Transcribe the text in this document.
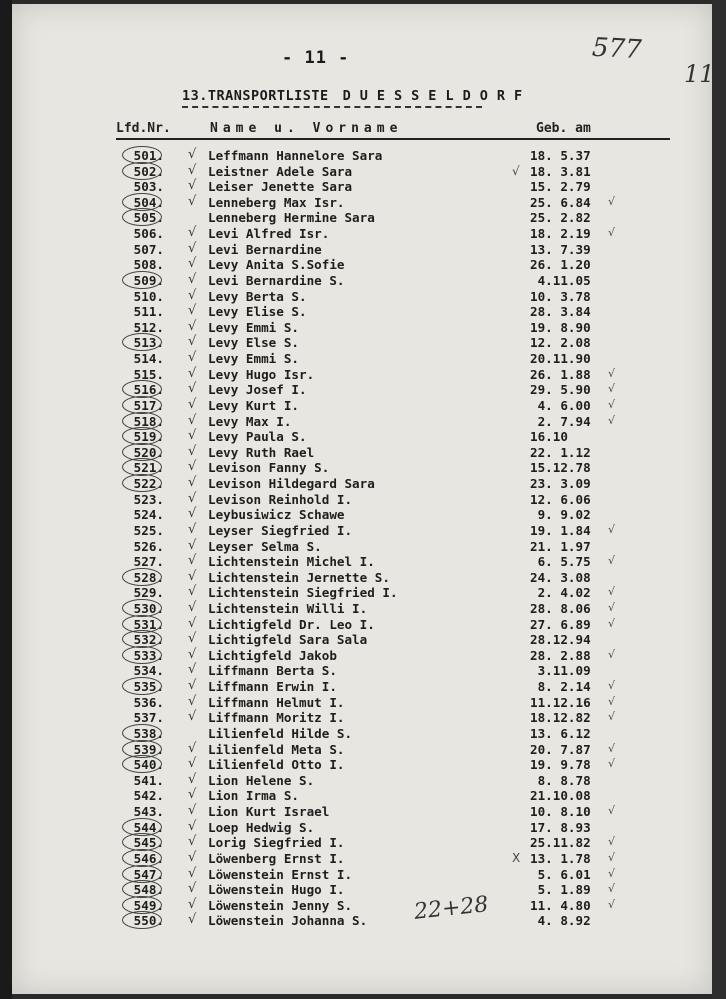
- 11 -	577
11
13.TRANSPORTLISTE DUESSELDORF
Lfd.Nr.	Name u. Vorname	Geb. am
501. √ Leffmann Hannelore Sara	18. 5.37
502. √ Leistner Adele Sara	√ 18. 3.81
503. √ Leiser Jenette Sara	15. 2.79
504. √ Lenneberg Max Isr.	25. 6.84 √
505.	Lenneberg Hermine Sara	25. 2.82
506. √ Levi Alfred Isr.	18. 2.19 √
507. √ Levi Bernardine	13. 7.39
508. √ Levy Anita S.Sofie	26. 1.20
509. √ Levi Bernardine S.	4.11.05
510. √ Levy Berta S.	10. 3.78
511. √ Levy Elise S.	28. 3.84
512. √ Levy Emmi S.	19. 8.90
513. √ Levy Else S.	12. 2.08
514. √ Levy Emmi S.	20.11.90
515. √ Levy Hugo Isr.	26. 1.88 √
516. √ Levy Josef I.	29. 5.90 √
517. √ Levy Kurt I.	4. 6.00 √
518. √ Levy Max I.	2. 7.94 √
519. √ Levy Paula S.	16.10
520. √ Levy Ruth Rael	22. 1.12
521. √ Levison Fanny S.	15.12.78
522. √ Levison Hildegard Sara	23. 3.09
523. √ Levison Reinhold I.	12. 6.06
524. √ Leybusiwicz Schawe	9. 9.02
525. √ Leyser Siegfried I.	19. 1.84 √
526. √ Leyser Selma S.	21. 1.97
527. √ Lichtenstein Michel I.	6. 5.75 √
528. √ Lichtenstein Jernette S.	24. 3.08
529. √ Lichtenstein Siegfried I.	2. 4.02 √
530. √ Lichtenstein Willi I.	28. 8.06 √
531. √ Lichtigfeld Dr. Leo I.	27. 6.89 √
532. √ Lichtigfeld Sara Sala	28.12.94
533. √ Lichtigfeld Jakob	28. 2.88 √
534. √ Liffmann Berta S.	3.11.09
535. √ Liffmann Erwin I.	8. 2.14 √
536. √ Liffmann Helmut I.	11.12.16 √
537. √ Liffmann Moritz I.	18.12.82 √
538.	Lilienfeld Hilde S.	13. 6.12
539. √ Lilienfeld Meta S.	20. 7.87 √
540. √ Lilienfeld Otto I.	19. 9.78 √
541. √ Lion Helene S.	8. 8.78
542. √ Lion Irma S.	21.10.08
543. √ Lion Kurt Israel	10. 8.10 √
544. √ Loep Hedwig S.	17. 8.93
545. √ Lorig Siegfried I.	25.11.82 √
546. √ Löwenberg Ernst I.	X 13. 1.78 √
547. √ Löwenstein Ernst I.	5. 6.01 √
548. √ Löwenstein Hugo I.	5. 1.89 √
549. √ Löwenstein Jenny S.	11. 4.80 √
550. √ Löwenstein Johanna S.	4. 8.92
22+28
